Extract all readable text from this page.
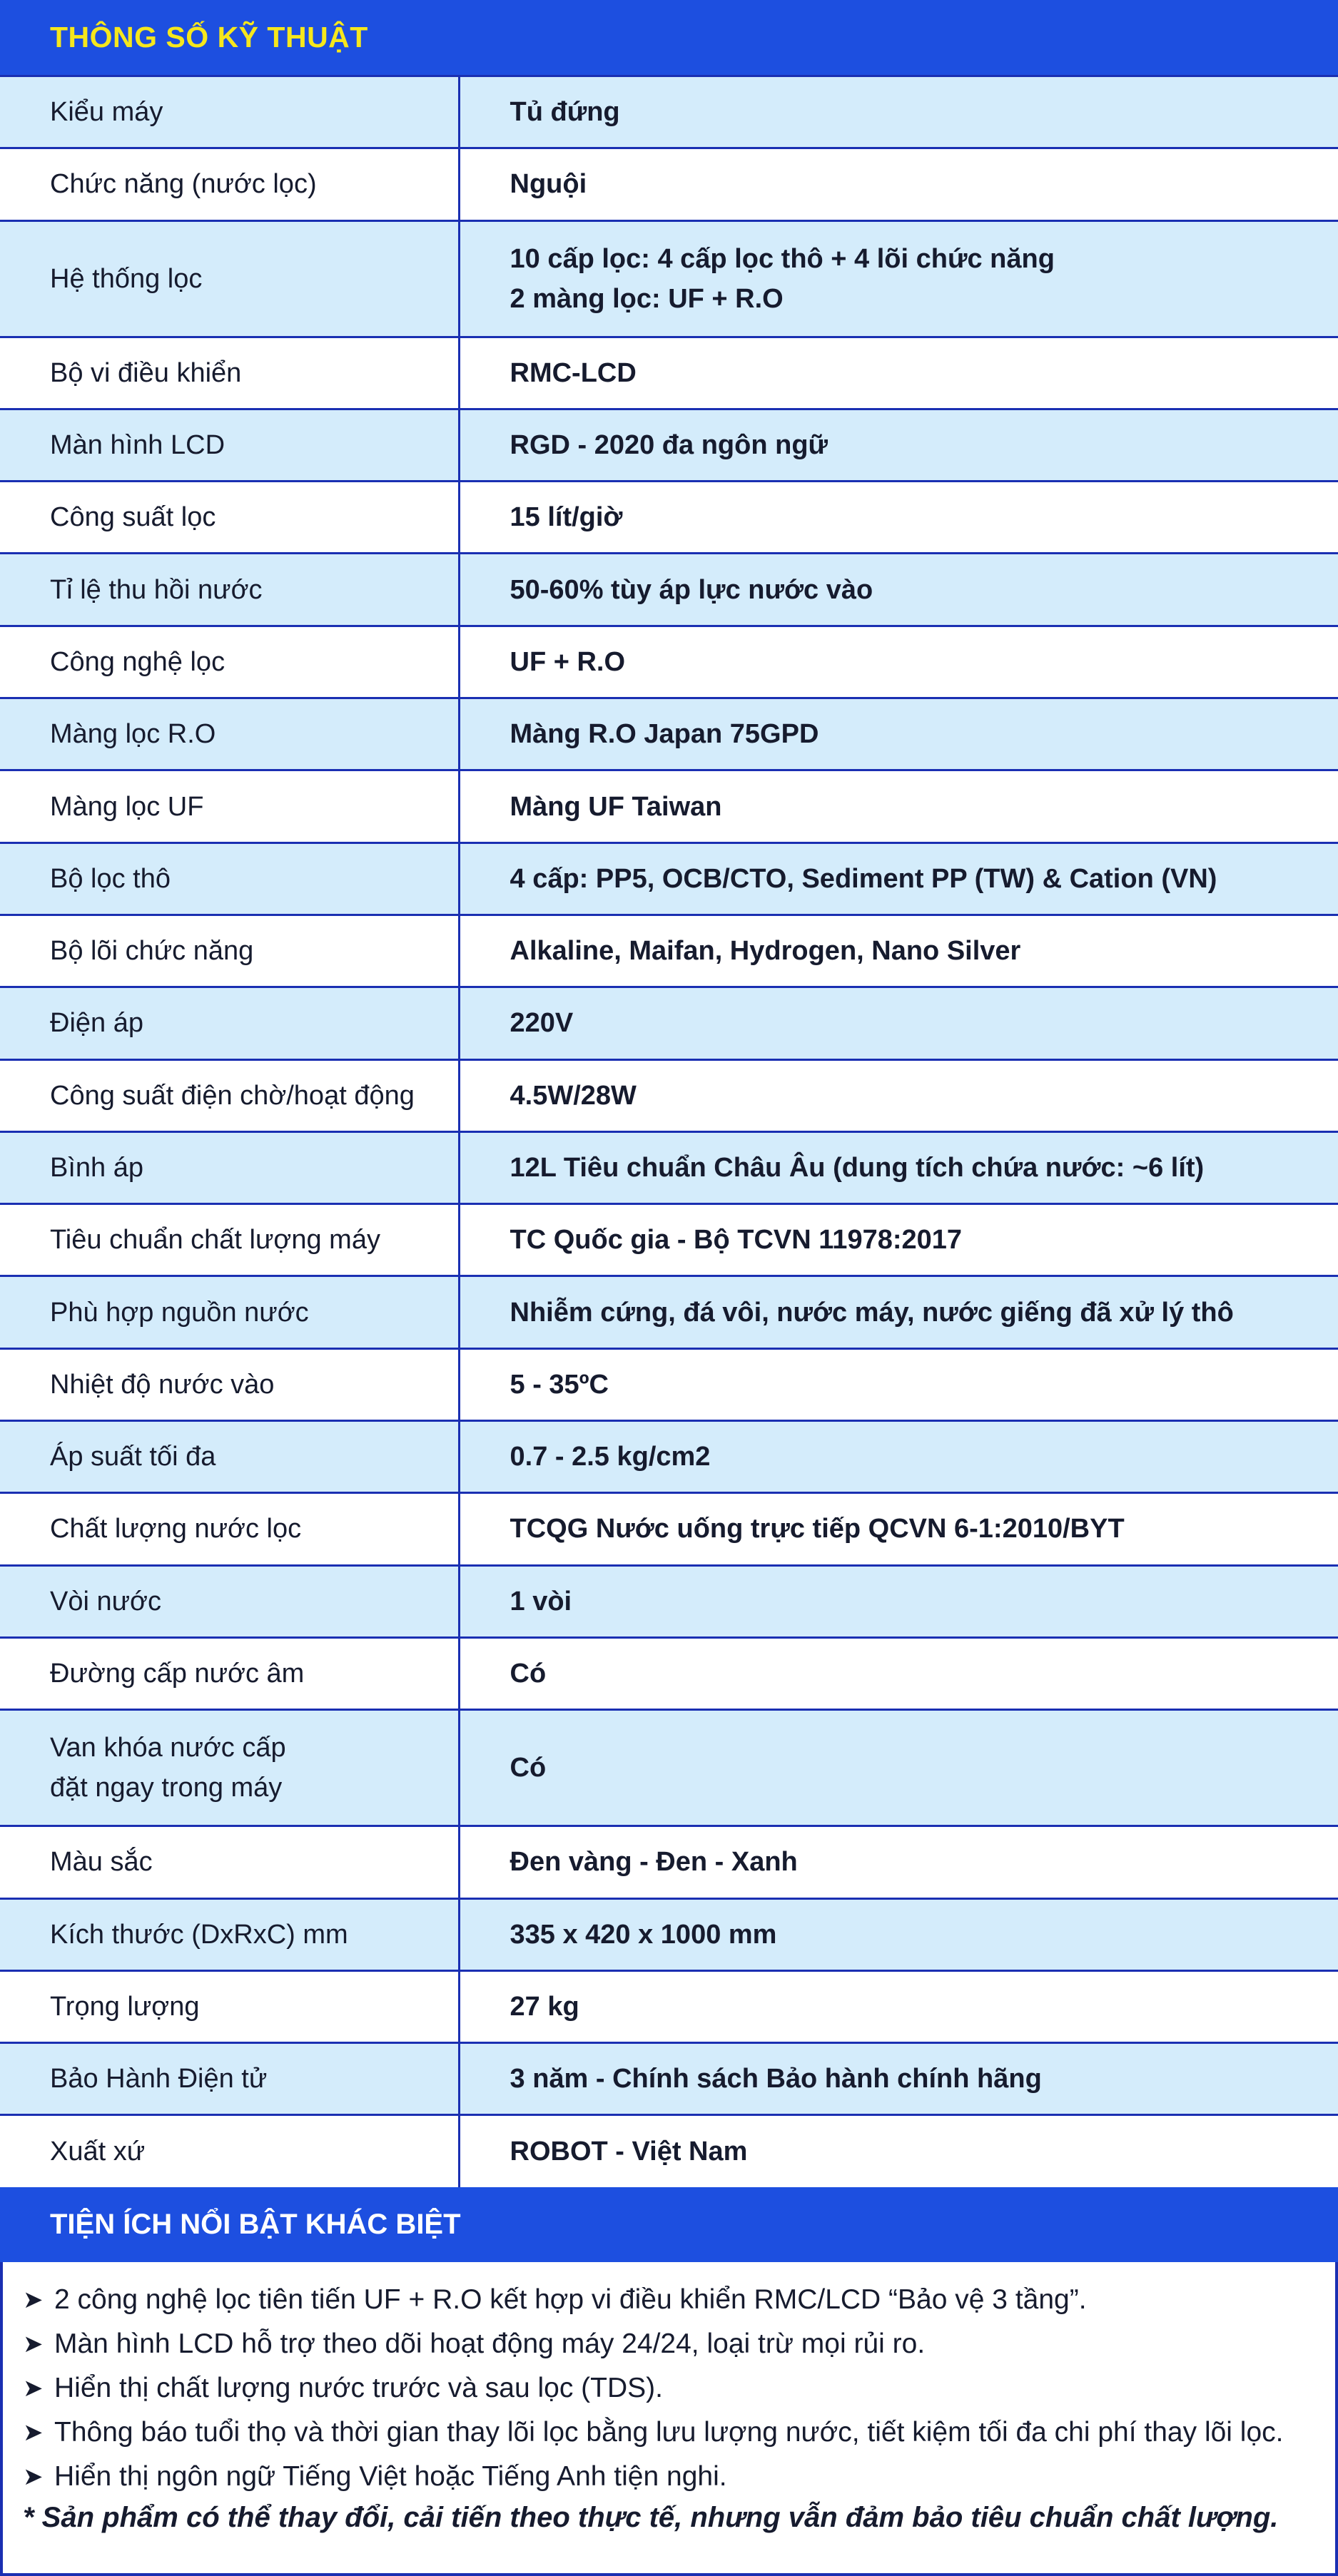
THÔNG SỐ KỸ THUẬT
Kiểu máy	Tủ đứng

Chức năng (nước lọc)	Nguội

Hệ thống lọc	10 cấp lọc: 4 cấp lọc thô + 4 lõi chức năng
2 màng lọc: UF + R.O

Bộ vi điều khiển	RMC-LCD

Màn hình LCD	RGD - 2020 đa ngôn ngữ

Công suất lọc	15 lít/giờ

Tỉ lệ thu hồi nước	50-60% tùy áp lực nước vào

Công nghệ lọc	UF + R.O

Màng lọc R.O	Màng R.O Japan 75GPD

Màng lọc UF	Màng UF Taiwan

Bộ lọc thô	4 cấp: PP5, OCB/CTO, Sediment PP (TW) & Cation (VN)

Bộ lõi chức năng	Alkaline, Maifan, Hydrogen, Nano Silver

Điện áp	220V

Công suất điện chờ/hoạt động	4.5W/28W

Bình áp	12L Tiêu chuẩn Châu Âu (dung tích chứa nước: ~6 lít)

Tiêu chuẩn chất lượng máy	TC Quốc gia - Bộ TCVN 11978:2017

Phù hợp nguồn nước	Nhiễm cứng, đá vôi, nước máy, nước giếng đã xử lý thô

Nhiệt độ nước vào	5 - 35ºC

Áp suất tối đa	0.7 - 2.5 kg/cm2

Chất lượng nước lọc	TCQG Nước uống trực tiếp QCVN 6-1:2010/BYT

Vòi nước	1 vòi

Đường cấp nước âm	Có

Van khóa nước cấp
đặt ngay trong máy	Có

Màu sắc	Đen vàng - Đen - Xanh

Kích thước (DxRxC) mm	335 x 420 x 1000 mm

Trọng lượng	27 kg

Bảo Hành Điện tử	3 năm - Chính sách Bảo hành chính hãng

Xuất xứ	ROBOT - Việt Nam
TIỆN ÍCH NỔI BẬT KHÁC BIỆT
➤ 2 công nghệ lọc tiên tiến UF + R.O kết hợp vi điều khiển RMC/LCD “Bảo vệ 3 tầng”.
➤ Màn hình LCD hỗ trợ theo dõi hoạt động máy 24/24, loại trừ mọi rủi ro.
➤ Hiển thị chất lượng nước trước và sau lọc (TDS).
➤ Thông báo tuổi thọ và thời gian thay lõi lọc bằng lưu lượng nước, tiết kiệm tối đa chi phí thay lõi lọc.
➤ Hiển thị ngôn ngữ Tiếng Việt hoặc Tiếng Anh tiện nghi.
* Sản phẩm có thể thay đổi, cải tiến theo thực tế, nhưng vẫn đảm bảo tiêu chuẩn chất lượng.
